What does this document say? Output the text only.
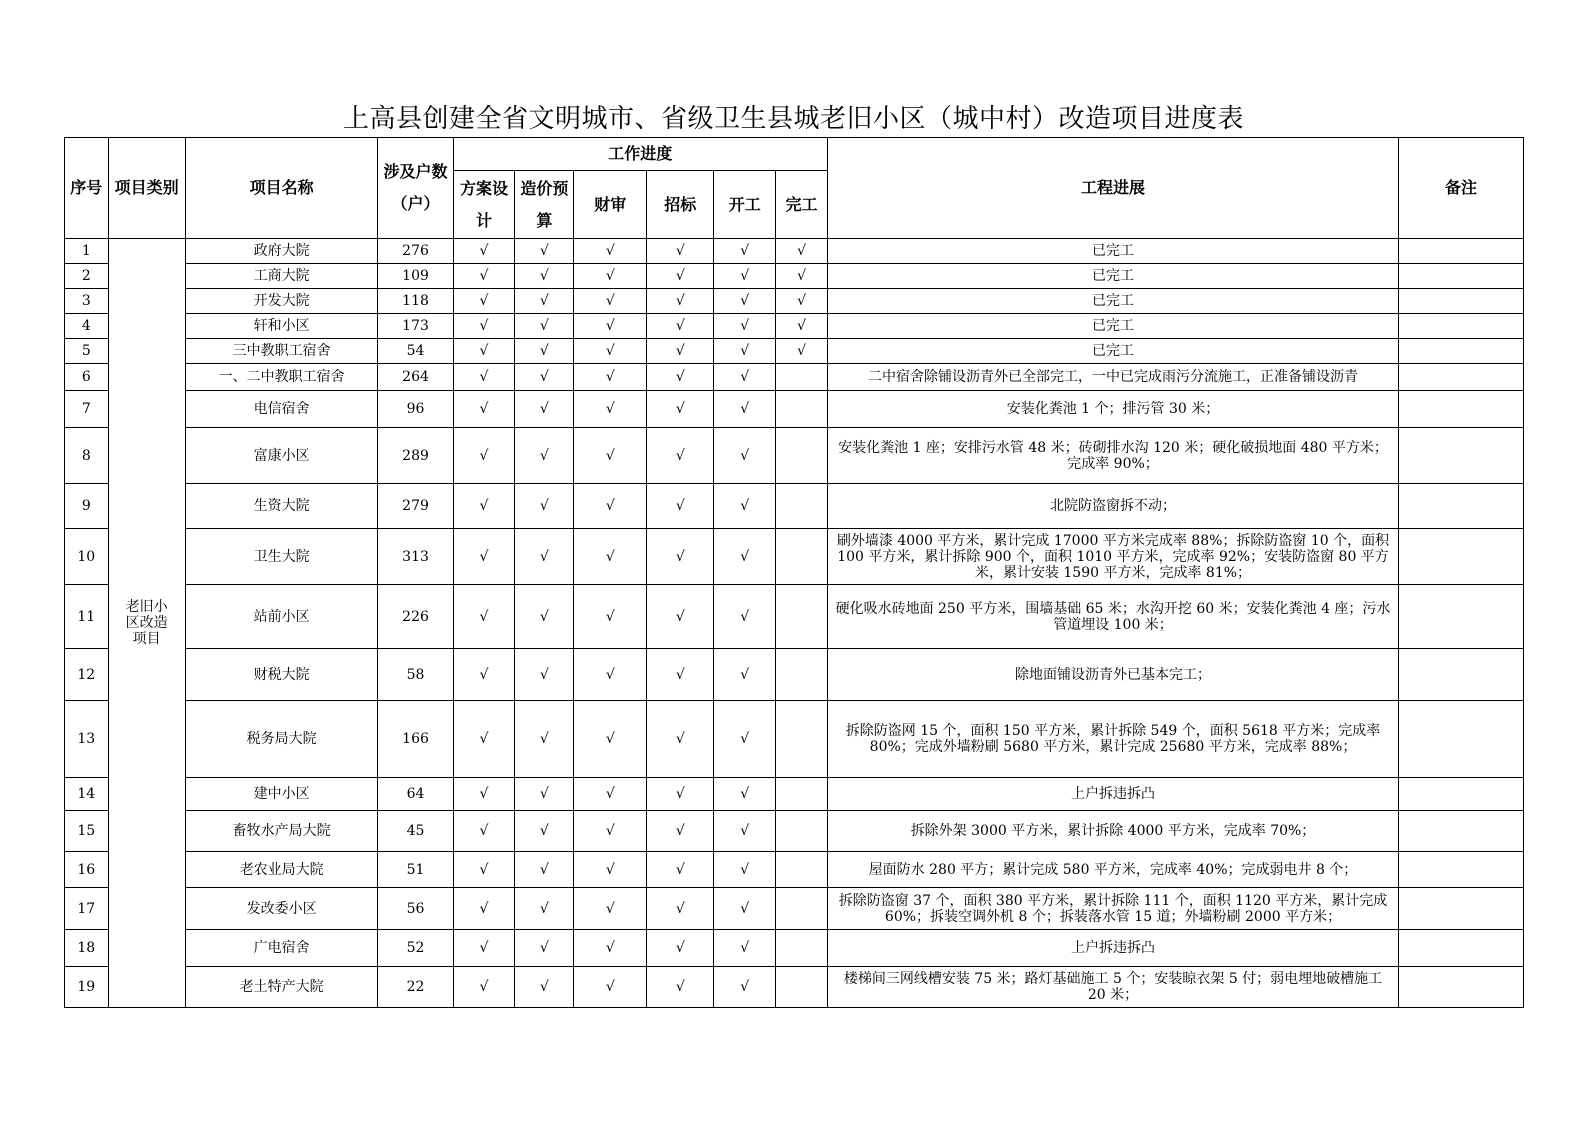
上高县创建全省文明城市、省级卫生县城老旧小区（城中村）改造项目进度表
序号	项目类别	项目名称	涉及户数（户）	工作进度						工程进展	备注
				方案设计	造价预算	财审	招标	开工	完工		

1	老旧小区改造项目	政府大院	276	√	√	√	√	√	√	已完工	
2		工商大院	109	√	√	√	√	√	√	已完工	
3		开发大院	118	√	√	√	√	√	√	已完工	
4		轩和小区	173	√	√	√	√	√	√	已完工	
5		三中教职工宿舍	54	√	√	√	√	√	√	已完工	
6		一、二中教职工宿舍	264	√	√	√	√	√		二中宿舍除铺设沥青外已全部完工，一中已完成雨污分流施工，正准备铺设沥青	
7		电信宿舍	96	√	√	√	√	√		安装化粪池 1 个；排污管 30 米；	
8		富康小区	289	√	√	√	√	√		安装化粪池 1 座；安排污水管 48 米；砖砌排水沟 120 米；硬化破损地面 480 平方米；完成率 90%；	
9		生资大院	279	√	√	√	√	√		北院防盗窗拆不动；	
10		卫生大院	313	√	√	√	√	√		刷外墙漆 4000 平方米，累计完成 17000 平方米完成率 88%；拆除防盗窗 10 个，面积 100 平方米，累计拆除 900 个，面积 1010 平方米，完成率 92%；安装防盗窗 80 平方米，累计安装 1590 平方米，完成率 81%；	
11		站前小区	226	√	√	√	√	√		硬化吸水砖地面 250 平方米，围墙基础 65 米；水沟开挖 60 米；安装化粪池 4 座；污水管道埋设 100 米；	
12		财税大院	58	√	√	√	√	√		除地面铺设沥青外已基本完工；	
13		税务局大院	166	√	√	√	√	√		拆除防盗网 15 个，面积 150 平方米，累计拆除 549 个，面积 5618 平方米；完成率 80%；完成外墙粉刷 5680 平方米，累计完成 25680 平方米，完成率 88%；	
14		建中小区	64	√	√	√	√	√		上户拆违拆凸	
15		畜牧水产局大院	45	√	√	√	√	√		拆除外架 3000 平方米，累计拆除 4000 平方米，完成率 70%；	
16		老农业局大院	51	√	√	√	√	√		屋面防水 280 平方；累计完成 580 平方米，完成率 40%；完成弱电井 8 个；	
17		发改委小区	56	√	√	√	√	√		拆除防盗窗 37 个，面积 380 平方米，累计拆除 111 个，面积 1120 平方米，累计完成 60%；拆装空调外机 8 个；拆装落水管 15 道；外墙粉刷 2000 平方米；	
18		广电宿舍	52	√	√	√	√	√		上户拆违拆凸	
19		老土特产大院	22	√	√	√	√	√		楼梯间三网线槽安装 75 米；路灯基础施工 5 个；安装晾衣架 5 付；弱电埋地破槽施工 20 米；	
